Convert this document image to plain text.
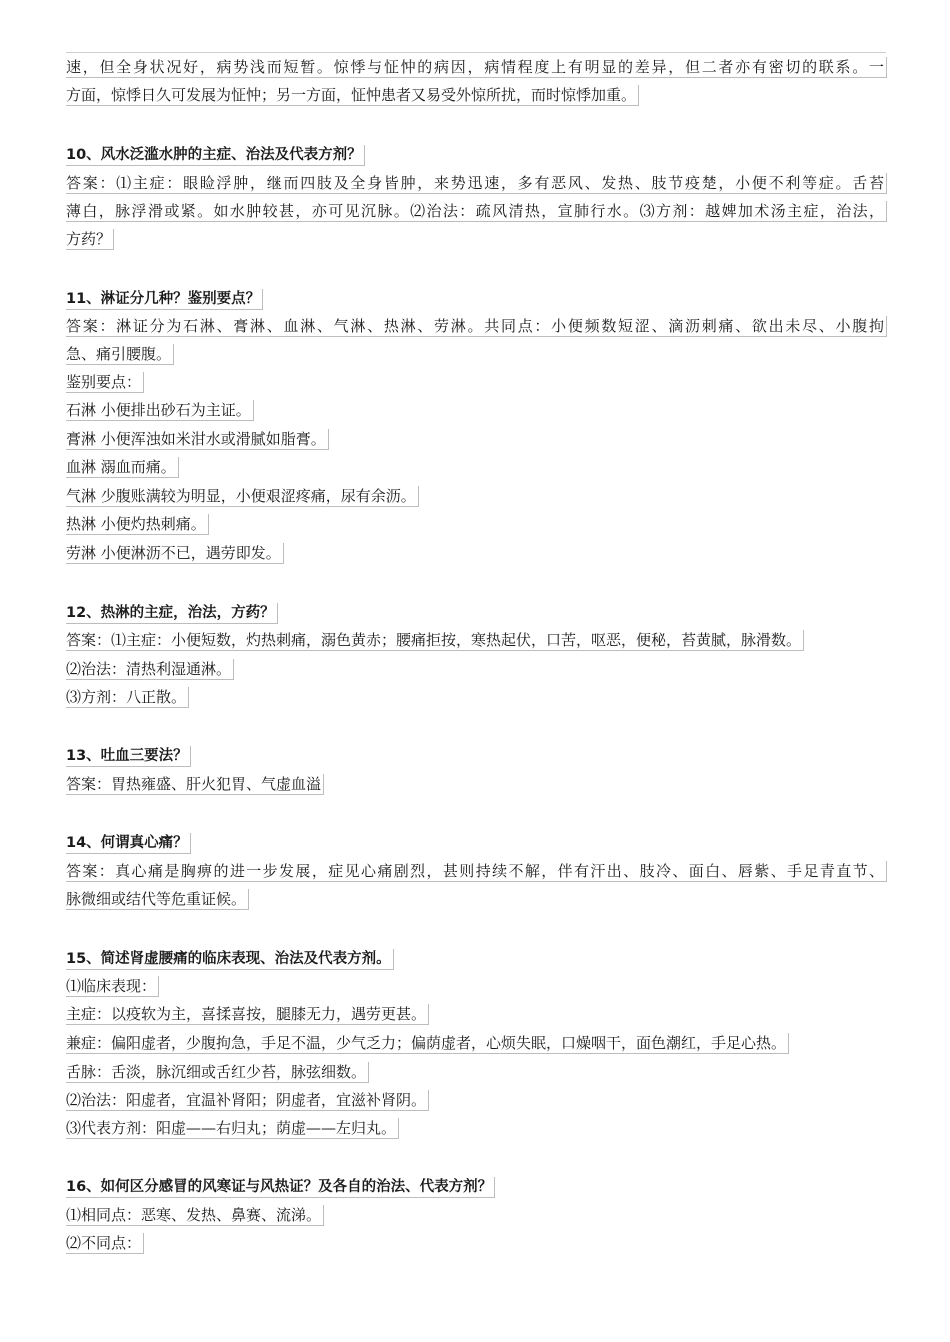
速，但全身状况好，病势浅而短暂。惊悸与怔忡的病因，病情程度上有明显的差异，但二者亦有密切的联系。一
方面，惊悸日久可发展为怔忡；另一方面，怔忡患者又易受外惊所扰，而时惊悸加重。
10、风水泛滥水肿的主症、治法及代表方剂？
答案：⑴主症：眼睑浮肿，继而四肢及全身皆肿，来势迅速，多有恶风、发热、肢节疫楚，小便不利等症。舌苔
薄白，脉浮滑或紧。如水肿较甚，亦可见沉脉。⑵治法：疏风清热，宣肺行水。⑶方剂：越婢加术汤主症，治法，
方药？
11、淋证分几种？鉴别要点？
答案：淋证分为石淋、膏淋、血淋、气淋、热淋、劳淋。共同点：小便频数短涩、滴沥刺痛、欲出未尽、小腹拘
急、痛引腰腹。
鉴别要点：
石淋 小便排出砂石为主证。
膏淋 小便浑浊如米泔水或滑腻如脂膏。
血淋 溺血而痛。
气淋 少腹账满较为明显，小便艰涩疼痛，尿有余沥。
热淋 小便灼热刺痛。
劳淋 小便淋沥不已，遇劳即发。
12、热淋的主症，治法，方药？
答案：⑴主症：小便短数，灼热刺痛，溺色黄赤；腰痛拒按，寒热起伏，口苦，呕恶，便秘，苔黄腻，脉滑数。
⑵治法：清热利湿通淋。
⑶方剂：八正散。
13、吐血三要法？
答案：胃热雍盛、肝火犯胃、气虚血溢
14、何谓真心痛？
答案：真心痛是胸痹的进一步发展，症见心痛剧烈，甚则持续不解，伴有汗出、肢冷、面白、唇紫、手足青直节、
脉微细或结代等危重证候。
15、简述肾虚腰痛的临床表现、治法及代表方剂。
⑴临床表现：
主症：以疫软为主，喜揉喜按，腿膝无力，遇劳更甚。
兼症：偏阳虚者，少腹拘急，手足不温，少气乏力；偏荫虚者，心烦失眠，口燥咽干，面色潮红，手足心热。
舌脉：舌淡，脉沉细或舌红少苔，脉弦细数。
⑵治法：阳虚者，宜温补肾阳；阴虚者，宜滋补肾阴。
⑶代表方剂：阳虚——右归丸；荫虚——左归丸。
16、如何区分感冒的风寒证与风热证？及各自的治法、代表方剂？
⑴相同点：恶寒、发热、鼻赛、流涕。
⑵不同点：
